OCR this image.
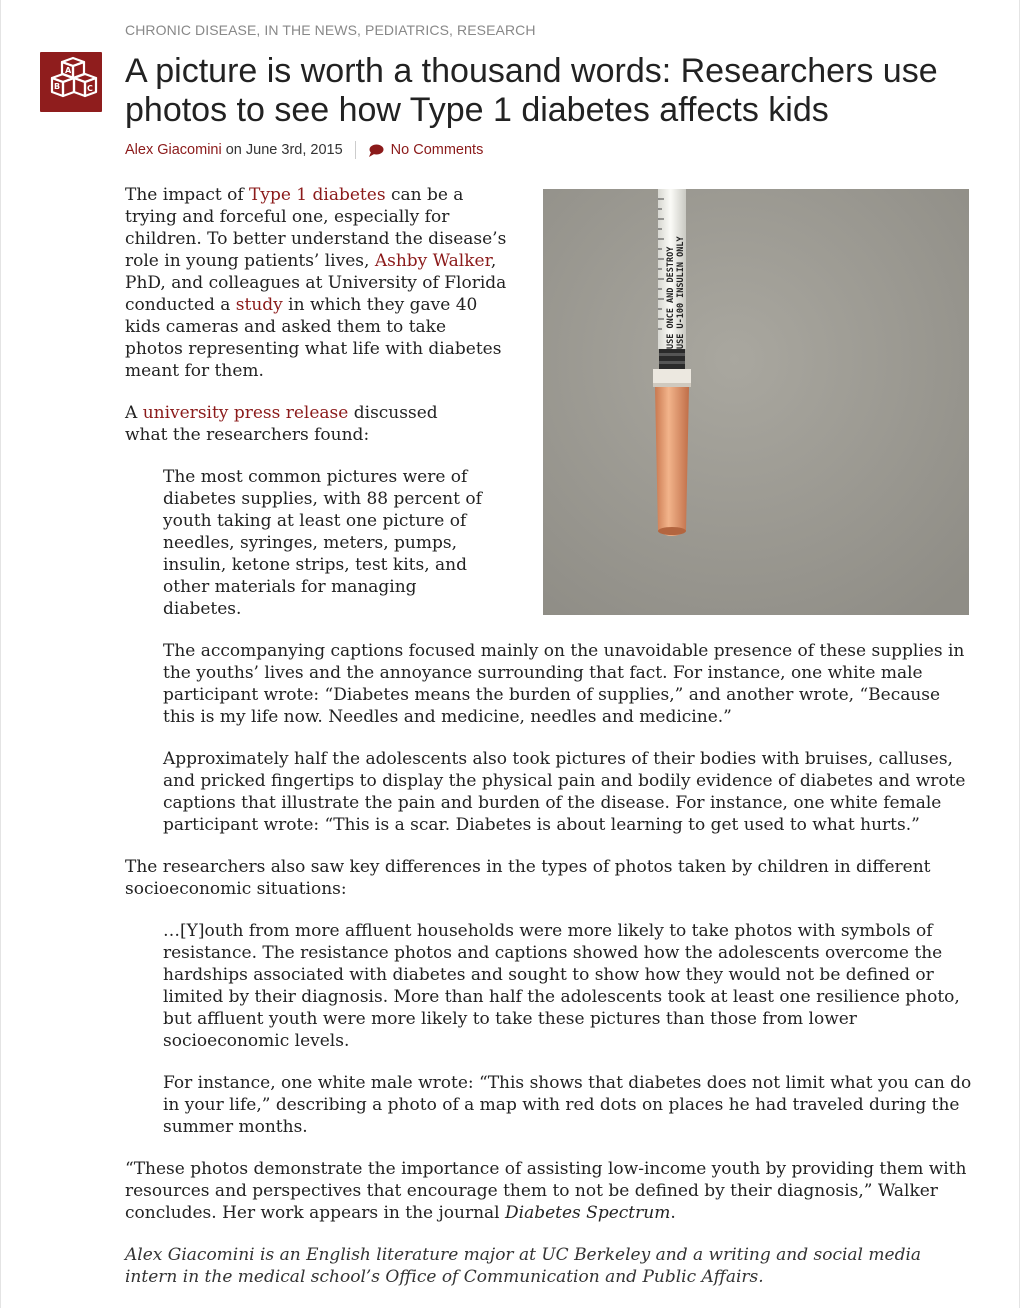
CHRONIC DISEASE, IN THE NEWS, PEDIATRICS, RESEARCH
A
B	C A picture is worth a thousand words: Researchers use photos to see how Type 1 diabetes affects kids
Alex Giacomini
on
June 3rd, 2015	No Comments
USE ONCE AND DESTROY USE U-100 INSULIN ONLY

The impact of Type 1 diabetes can be a trying and forceful one, especially for children. To better understand the disease’s role in young patients’ lives, Ashby Walker, PhD, and colleagues at University of Florida conducted a study in which they gave 40 kids cameras and asked them to take photos representing what life with diabetes meant for them.

A university press release discussed what the researchers found:

The most common pictures were of diabetes supplies, with 88 percent of youth taking at least one picture of needles, syringes, meters, pumps, insulin, ketone strips, test kits, and other materials for managing diabetes.

The accompanying captions focused mainly on the unavoidable presence of these supplies in the youths’ lives and the annoyance surrounding that fact. For instance, one white male participant wrote: “Diabetes means the burden of supplies,” and another wrote, “Because this is my life now. Needles and medicine, needles and medicine.”

Approximately half the adolescents also took pictures of their bodies with bruises, calluses, and pricked fingertips to display the physical pain and bodily evidence of diabetes and wrote captions that illustrate the pain and burden of the disease. For instance, one white female participant wrote: “This is a scar. Diabetes is about learning to get used to what hurts.”

The researchers also saw key differences in the types of photos taken by children in different socioeconomic situations:

…[Y]outh from more affluent households were more likely to take photos with symbols of resistance. The resistance photos and captions showed how the adolescents overcome the hardships associated with diabetes and sought to show how they would not be defined or limited by their diagnosis. More than half the adolescents took at least one resilience photo, but affluent youth were more likely to take these pictures than those from lower socioeconomic levels.

For instance, one white male wrote: “This shows that diabetes does not limit what you can do in your life,” describing a photo of a map with red dots on places he had traveled during the summer months.

“These photos demonstrate the importance of assisting low-income youth by providing them with resources and perspectives that encourage them to not be defined by their diagnosis,” Walker concludes. Her work appears in the journal Diabetes Spectrum.

Alex Giacomini is an English literature major at UC Berkeley and a writing and social media intern in the medical school’s Office of Communication and Public Affairs.
